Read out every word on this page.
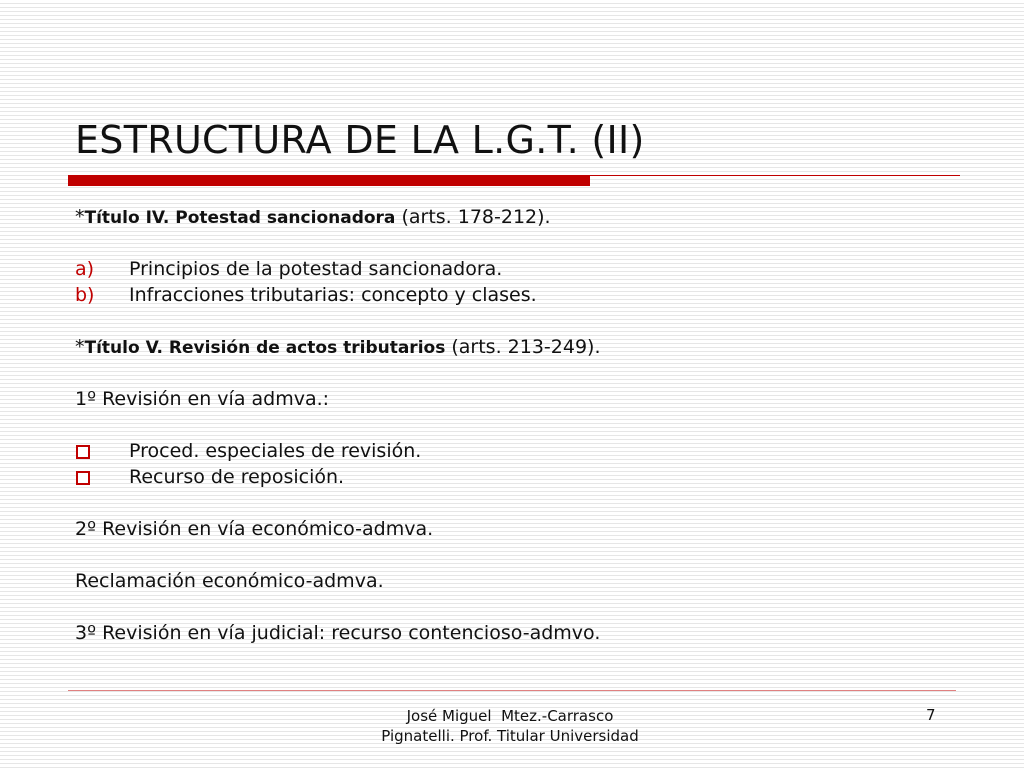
ESTRUCTURA DE LA L.G.T. (II)
*Título IV. Potestad sancionadora (arts. 178-212).
a) Principios de la potestad sancionadora.
b) Infracciones tributarias: concepto y clases.
*Título V. Revisión de actos tributarios (arts. 213-249).
1º Revisión en vía admva.:
Proced. especiales de revisión.
Recurso de reposición.
2º Revisión en vía económico-admva.
Reclamación económico-admva.
3º Revisión en vía judicial: recurso contencioso-admvo.
José Miguel  Mtez.-Carrasco
Pignatelli. Prof. Titular Universidad
7
